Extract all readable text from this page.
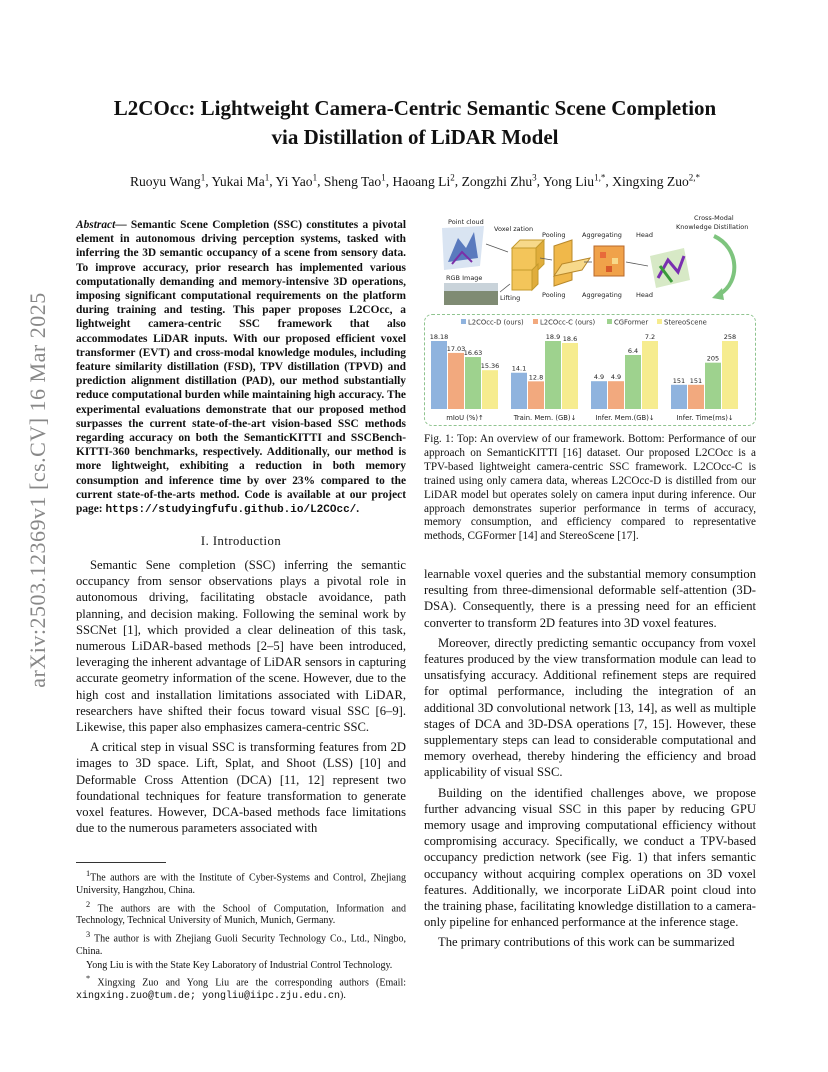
arXiv:2503.12369v1 [cs.CV] 16 Mar 2025
L2COcc: Lightweight Camera-Centric Semantic Scene Completion
via Distillation of LiDAR Model
Ruoyu Wang$^1$, Yukai Ma$^1$, Yi Yao$^1$, Sheng Tao$^1$, Haoang Li$^2$, Zongzhi Zhu$^3$, Yong Liu$^{1,*}$, Xingxing Zuo$^{2,*}$
Abstract— Semantic Scene Completion (SSC) constitutes a pivotal element in autonomous driving perception systems, tasked with inferring the 3D semantic occupancy of a scene from sensory data. To improve accuracy, prior research has implemented various computationally demanding and memory-intensive 3D operations, imposing significant computational requirements on the platform during training and testing. This paper proposes L2COcc, a lightweight camera-centric SSC framework that also accommodates LiDAR inputs. With our proposed efficient voxel transformer (EVT) and cross-modal knowledge modules, including feature similarity distillation (FSD), TPV distillation (TPVD) and prediction alignment distillation (PAD), our method substantially reduce computational burden while maintaining high accuracy. The experimental evaluations demonstrate that our proposed method surpasses the current state-of-the-art vision-based SSC methods regarding accuracy on both the SemanticKITTI and SSCBench-KITTI-360 benchmarks, respectively. Additionally, our method is more lightweight, exhibiting a reduction in both memory consumption and inference time by over 23% compared to the current state-of-the-arts method. Code is available at our project page: https://studyingfufu.github.io/L2COcc/.
I. Introduction

Semantic Sene completion (SSC) inferring the semantic occupancy from sensor observations plays a pivotal role in autonomous driving, facilitating obstacle avoidance, path planning, and decision making. Following the seminal work by SSCNet [1], which provided a clear delineation of this task, numerous LiDAR-based methods [2–5] have been introduced, leveraging the inherent advantage of LiDAR sensors in capturing accurate geometry information of the scene. However, due to the high cost and installation limitations associated with LiDAR, researchers have shifted their focus toward visual SSC [6–9]. Likewise, this paper also emphasizes camera-centric SSC.

A critical step in visual SSC is transforming features from 2D images to 3D space. Lift, Splat, and Shoot (LSS) [10] and Deformable Cross Attention (DCA) [11, 12] represent two foundational techniques for feature transformation to generate voxel features. However, DCA-based methods face limitations due to the numerous parameters associated with

$^1$The authors are with the Institute of Cyber-Systems and Control, Zhejiang University, Hangzhou, China.

$^2$ The authors are with the School of Computation, Information and Technology, Technical University of Munich, Munich, Germany.

$^3$ The author is with Zhejiang Guoli Security Technology Co., Ltd., Ningbo, China.

Yong Liu is with the State Key Laboratory of Industrial Control Technology.

* Xingxing Zuo and Yong Liu are the corresponding authors (Email: xingxing.zuo@tum.de; yongliu@iipc.zju.edu.cn).

Point cloud
RGB Image
Voxel zation
Lifting
Pooling
Pooling
Aggregating
Aggregating
Head
Head
Cross-Modal
Knowledge Distillation
L2COcc-D (ours) L2COcc-C (ours)	CGFormer StereoScene
18.18
17.03
16.63
15.36
mIoU (%)↑
14.1
12.8
18.9 18.6
Train. Mem. (GB)↓
4.9 4.9
6.4
7.2
Infer. Mem.(GB)↓
151 151
205
258
Infer. Time(ms)↓
Fig. 1: Top: An overview of our framework. Bottom: Performance of our approach on SemanticKITTI [16] dataset. Our proposed L2COcc is a TPV-based lightweight camera-centric SSC framework. L2COcc-C is trained using only camera data, whereas L2COcc-D is distilled from our LiDAR model but operates solely on camera input during inference. Our approach demonstrates superior performance in terms of accuracy, memory consumption, and efficiency compared to representative methods, CGFormer [14] and StereoScene [17].

learnable voxel queries and the substantial memory consumption resulting from three-dimensional deformable self-attention (3D-DSA). Consequently, there is a pressing need for an efficient converter to transform 2D features into 3D voxel features.

Moreover, directly predicting semantic occupancy from voxel features produced by the view transformation module can lead to unsatisfying accuracy. Additional refinement steps are required for optimal performance, including the integration of an additional 3D convolutional network [13, 14], as well as multiple stages of DCA and 3D-DSA operations [7, 15]. However, these supplementary steps can lead to considerable computational and memory overhead, thereby hindering the efficiency and broad applicability of visual SSC.

Building on the identified challenges above, we propose further advancing visual SSC in this paper by reducing GPU memory usage and improving computational efficiency without compromising accuracy. Specifically, we conduct a TPV-based occupancy prediction network (see Fig. 1) that infers semantic occupancy without acquiring complex operations on 3D voxel features. Additionally, we incorporate LiDAR point cloud into the training phase, facilitating knowledge distillation to a camera-only pipeline for enhanced performance at the inference stage.

The primary contributions of this work can be summarized
